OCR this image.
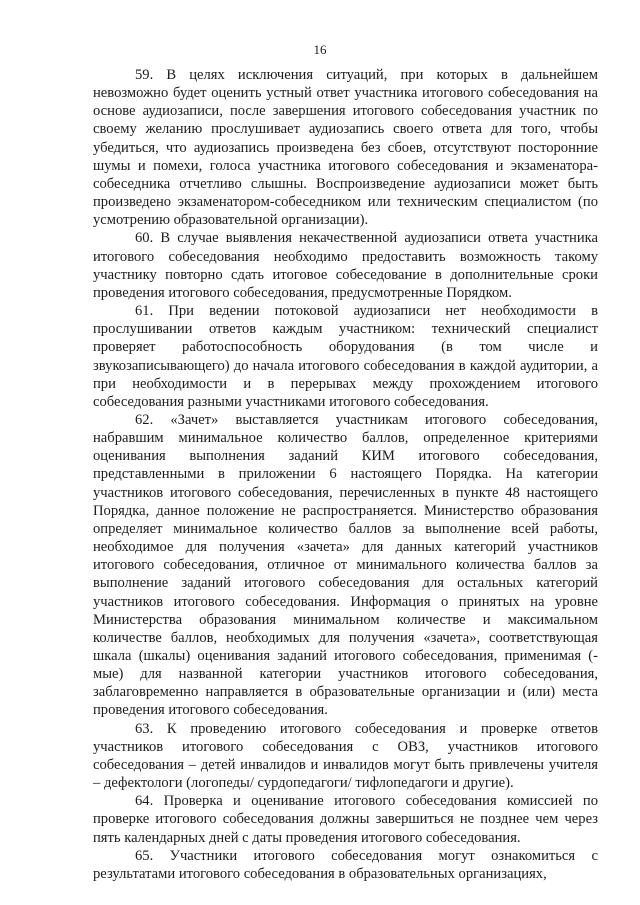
16

59. В целях исключения ситуаций, при которых в дальнейшем невозможно будет оценить устный ответ участника итогового собеседования на основе аудиозаписи, после завершения итогового собеседования участник по своему желанию прослушивает аудиозапись своего ответа для того, чтобы убедиться, что аудиозапись произведена без сбоев, отсутствуют посторонние шумы и помехи, голоса участника итогового собеседования и экзаменатора-собеседника отчетливо слышны. Воспроизведение аудиозаписи может быть произведено экзаменатором-собеседником или техническим специалистом (по усмотрению образовательной организации).

60. В случае выявления некачественной аудиозаписи ответа участника итогового собеседования необходимо предоставить возможность такому участнику повторно сдать итоговое собеседование в дополнительные сроки проведения итогового собеседования, предусмотренные Порядком.

61. При ведении потоковой аудиозаписи нет необходимости в прослушивании ответов каждым участником: технический специалист проверяет работоспособность оборудования (в том числе и звукозаписывающего) до начала итогового собеседования в каждой аудитории, а при необходимости и в перерывах между прохождением итогового собеседования разными участниками итогового собеседования.

62. «Зачет» выставляется участникам итогового собеседования, набравшим минимальное количество баллов, определенное критериями оценивания выполнения заданий КИМ итогового собеседования, представленными в приложении 6 настоящего Порядка. На категории участников итогового собеседования, перечисленных в пункте 48 настоящего Порядка, данное положение не распространяется. Министерство образования определяет минимальное количество баллов за выполнение всей работы, необходимое для получения «зачета» для данных категорий участников итогового собеседования, отличное от минимального количества баллов за выполнение заданий итогового собеседования для остальных категорий участников итогового собеседования. Информация о принятых на уровне Министерства образования минимальном количестве и максимальном количестве баллов, необходимых для получения «зачета», соответствующая шкала (шкалы) оценивания заданий итогового собеседования, применимая (-мые) для названной категории участников итогового собеседования, заблаговременно направляется в образовательные организации и (или) места проведения итогового собеседования.

63. К проведению итогового собеседования и проверке ответов участников итогового собеседования с ОВЗ, участников итогового собеседования – детей инвалидов и инвалидов могут быть привлечены учителя – дефектологи (логопеды/ сурдопедагоги/ тифлопедагоги и другие).

64. Проверка и оценивание итогового собеседования комиссией по проверке итогового собеседования должны завершиться не позднее чем через пять календарных дней с даты проведения итогового собеседования.

65. Участники итогового собеседования могут ознакомиться с результатами итогового собеседования в образовательных организациях,
